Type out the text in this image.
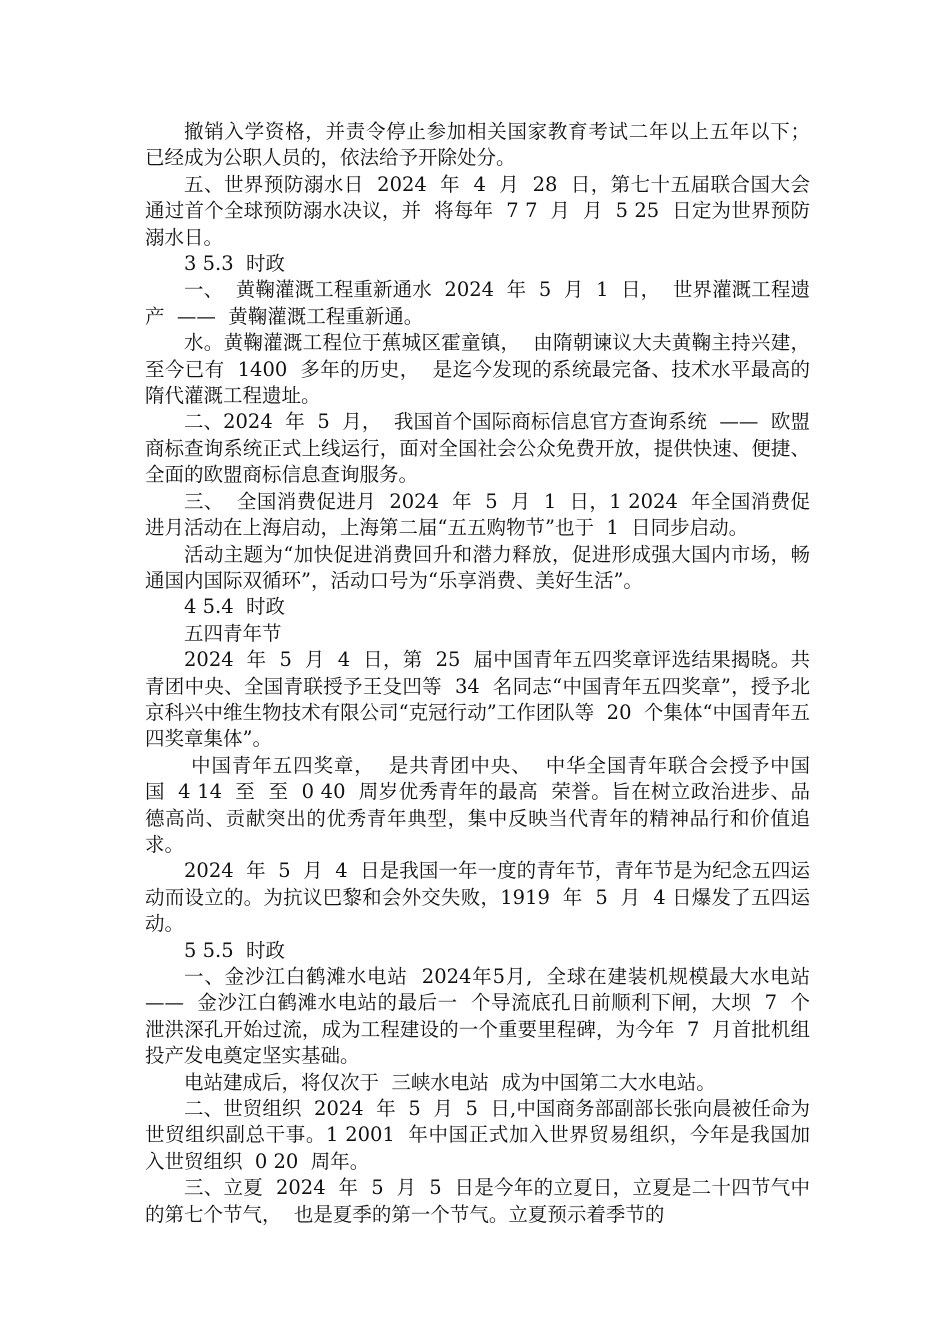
撤销入学资格，并责令停止参加相关国家教育考试二年以上五年以下；  已经成为公职人员的，依法给予开除处分。

五、世界预防溺水日  2024  年  4  月  28  日，第七十五届联合国大会通过首个全球预防溺水决议，并  将每年  7 7  月  月  5 25  日定为世界预防溺水日。

3 5.3  时政

一、  黄鞠灌溉工程重新通水  2024  年  5  月  1  日，  世界灌溉工程遗产  ——  黄鞠灌溉工程重新通。

水。黄鞠灌溉工程位于蕉城区霍童镇，  由隋朝谏议大夫黄鞠主持兴建，至今已有  1400  多年的历史，  是迄今发现的系统最完备、技术水平最高的隋代灌溉工程遗址。

二、2024  年  5  月，  我国首个国际商标信息官方查询系统  ——  欧盟商标查询系统正式上线运行，面对全国社会公众免费开放，提供快速、便捷、全面的欧盟商标信息查询服务。

三、  全国消费促进月  2024  年  5  月  1  日，1 2024  年全国消费促进月活动在上海启动，上海第二届“五五购物节”也于  1  日同步启动。

活动主题为“加快促进消费回升和潜力释放，促进形成强大国内市场，畅通国内国际双循环”，活动口号为“乐享消费、美好生活”。

4 5.4  时政

五四青年节

2024  年  5  月  4  日，第  25  届中国青年五四奖章评选结果揭晓。共青团中央、全国青联授予王殳凹等  34  名同志“中国青年五四奖章”，授予北京科兴中维生物技术有限公司“克冠行动”工作团队等  20  个集体“中国青年五四奖章集体”。

中国青年五四奖章，  是共青团中央、  中华全国青年联合会授予中国  国  4 14  至  至  0 40  周岁优秀青年的最高  荣誉。旨在树立政治进步、品德高尚、贡献突出的优秀青年典型，集中反映当代青年的精神品行和价值追求。

2024  年  5  月  4  日是我国一年一度的青年节，青年节是为纪念五四运动而设立的。为抗议巴黎和会外交失败，1919  年  5  月  4 日爆发了五四运动。

5 5.5  时政

一、金沙江白鹤滩水电站  2024年5月,  全球在建装机规模最大水电站  ——  金沙江白鹤滩水电站的最后一  个导流底孔日前顺利下闸，大坝  7  个泄洪深孔开始过流，成为工程建设的一个重要里程碑，为今年  7  月首批机组投产发电奠定坚实基础。

电站建成后，将仅次于  三峡水电站  成为中国第二大水电站。

二、世贸组织  2024  年  5  月  5  日,中国商务部副部长张向晨被任命为世贸组织副总干事。1 2001  年中国正式加入世界贸易组织，今年是我国加入世贸组织  0 20  周年。

三、立夏  2024  年  5  月  5  日是今年的立夏日，立夏是二十四节气中的第七个节气，  也是夏季的第一个节气。立夏预示着季节的
